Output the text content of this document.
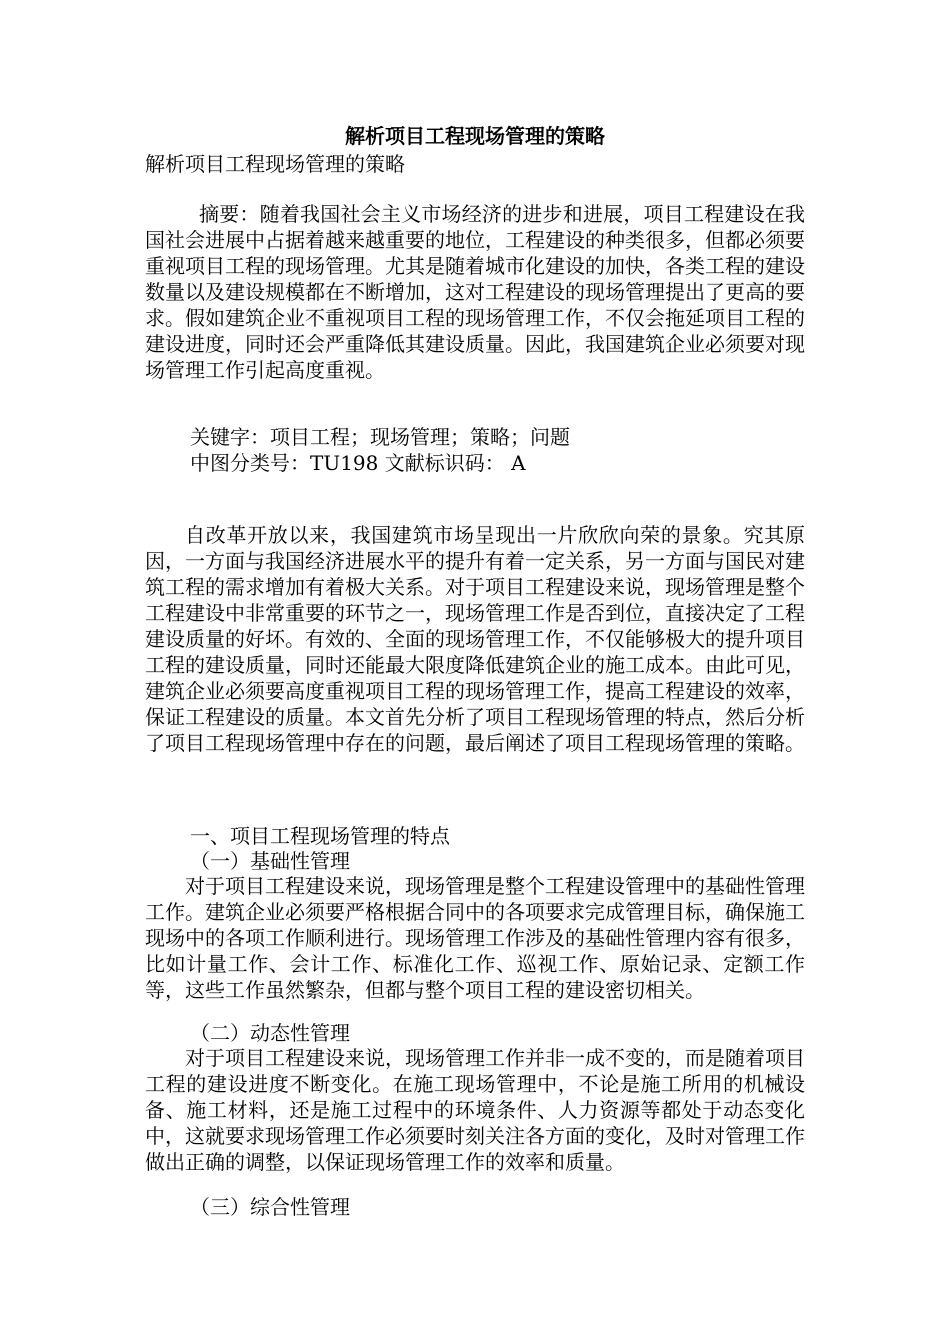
解析项目工程现场管理的策略

解析项目工程现场管理的策略

摘要：随着我国社会主义市场经济的进步和进展，项目工程建设在我国社会进展中占据着越来越重要的地位，工程建设的种类很多，但都必须要重视项目工程的现场管理。尤其是随着城市化建设的加快，各类工程的建设数量以及建设规模都在不断增加，这对工程建设的现场管理提出了更高的要求。假如建筑企业不重视项目工程的现场管理工作，不仅会拖延项目工程的建设进度，同时还会严重降低其建设质量。因此，我国建筑企业必须要对现场管理工作引起高度重视。

关键字：项目工程；现场管理；策略；问题

中图分类号：TU198 文献标识码： A

自改革开放以来，我国建筑市场呈现出一片欣欣向荣的景象。究其原因，一方面与我国经济进展水平的提升有着一定关系，另一方面与国民对建筑工程的需求增加有着极大关系。对于项目工程建设来说，现场管理是整个工程建设中非常重要的环节之一，现场管理工作是否到位，直接决定了工程建设质量的好坏。有效的、全面的现场管理工作，不仅能够极大的提升项目工程的建设质量，同时还能最大限度降低建筑企业的施工成本。由此可见，建筑企业必须要高度重视项目工程的现场管理工作，提高工程建设的效率，保证工程建设的质量。本文首先分析了项目工程现场管理的特点，然后分析了项目工程现场管理中存在的问题，最后阐述了项目工程现场管理的策略。

一、项目工程现场管理的特点

（一）基础性管理

对于项目工程建设来说，现场管理是整个工程建设管理中的基础性管理工作。建筑企业必须要严格根据合同中的各项要求完成管理目标，确保施工现场中的各项工作顺利进行。现场管理工作涉及的基础性管理内容有很多，比如计量工作、会计工作、标准化工作、巡视工作、原始记录、定额工作等，这些工作虽然繁杂，但都与整个项目工程的建设密切相关。

（二）动态性管理

对于项目工程建设来说，现场管理工作并非一成不变的，而是随着项目工程的建设进度不断变化。在施工现场管理中，不论是施工所用的机械设备、施工材料，还是施工过程中的环境条件、人力资源等都处于动态变化中，这就要求现场管理工作必须要时刻关注各方面的变化，及时对管理工作做出正确的调整，以保证现场管理工作的效率和质量。

（三）综合性管理
